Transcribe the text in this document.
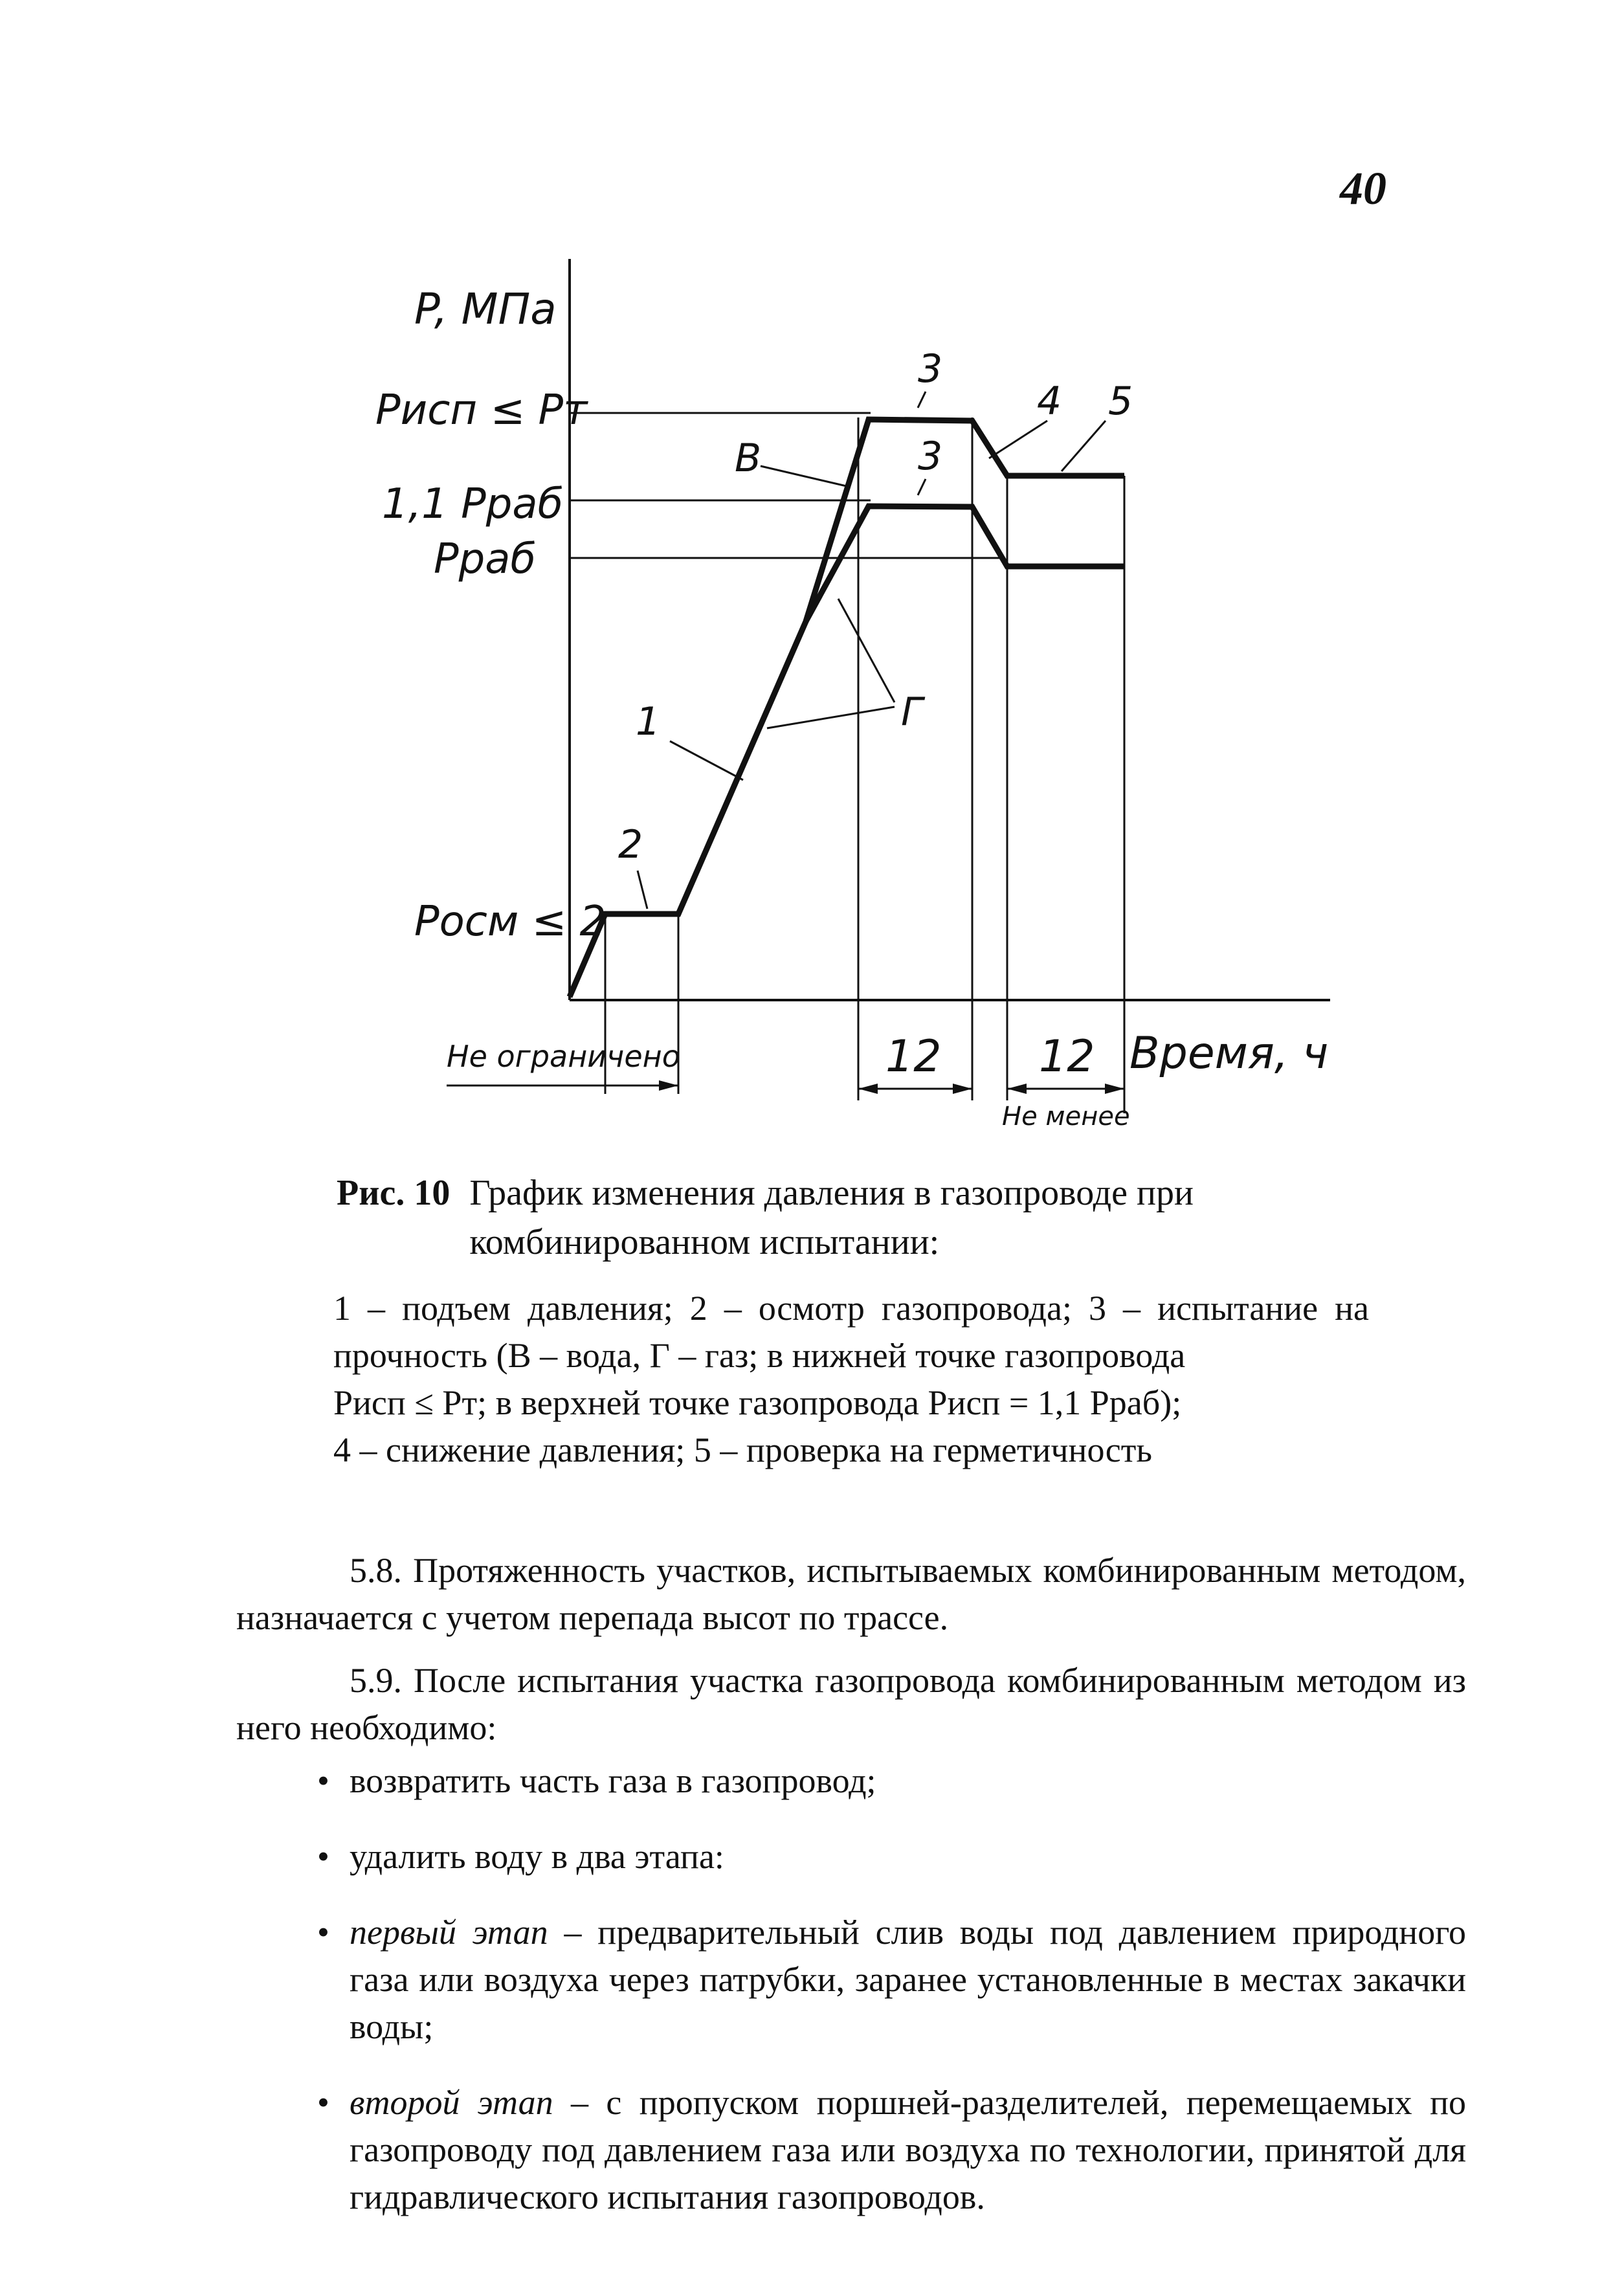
40
P, МПа
Pисп ≤ Pт
1,1 Pраб
Pраб
Pосм ≤ 2
3
3
4 5
В
Г
1
2
Время, ч
Не ограничено	12 12
Не менее
Рис. 10 График изменения давления в газопроводе при комбинированном испытании:
1 – подъем давления; 2 – осмотр газопровода; 3 – испытание на прочность (В – вода, Г – газ; в нижней точке газопровода
Pисп ≤ Pт; в верхней точке газопровода Pисп = 1,1 Pраб);
4 – снижение давления; 5 – проверка на герметичность
5.8. Протяженность участков, испытываемых комбинированным методом, назначается с учетом перепада высот по трассе.
5.9. После испытания участка газопровода комбинированным методом из него необходимо:
• возвратить часть газа в газопровод;
• удалить воду в два этапа:
• первый этап – предварительный слив воды под давлением природного газа или воздуха через патрубки, заранее установленные в местах закачки воды;
• второй этап – с пропуском поршней-разделителей, перемещаемых по газопроводу под давлением газа или воздуха по технологии, принятой для гидравлического испытания газопроводов.
